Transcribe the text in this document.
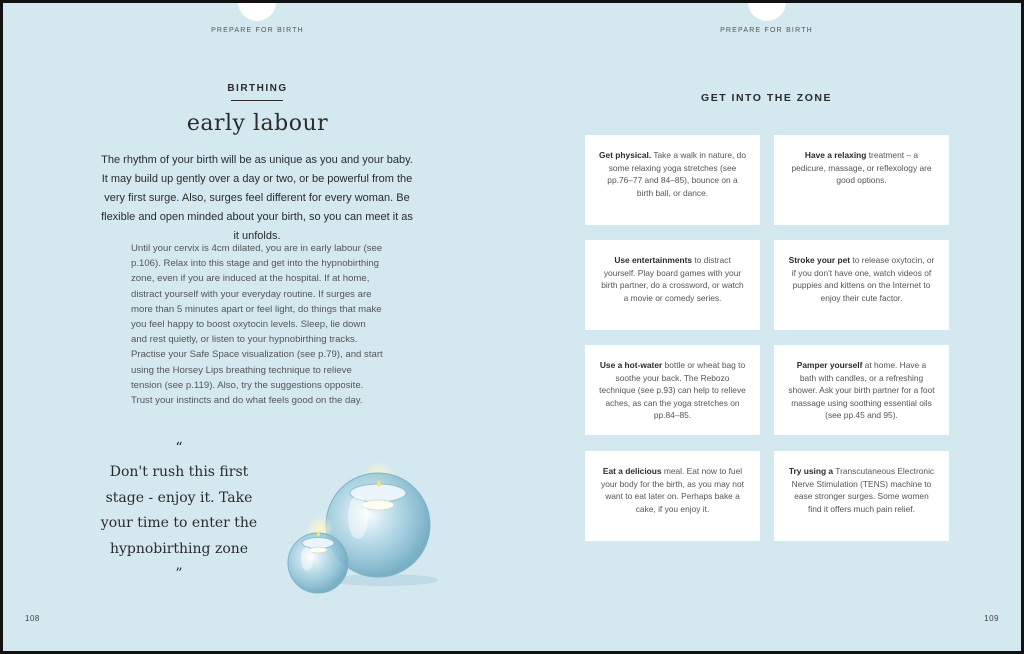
PREPARE FOR BIRTH
BIRTHING
early labour
The rhythm of your birth will be as unique as you and your baby. It may build up gently over a day or two, or be powerful from the very first surge. Also, surges feel different for every woman. Be flexible and open minded about your birth, so you can meet it as it unfolds.
Until your cervix is 4cm dilated, you are in early labour (see p.106). Relax into this stage and get into the hypnobirthing zone, even if you are induced at the hospital. If at home, distract yourself with your everyday routine. If surges are more than 5 minutes apart or feel light, do things that make you feel happy to boost oxytocin levels. Sleep, lie down and rest quietly, or listen to your hypnobirthing tracks. Practise your Safe Space visualization (see p.79), and start using the Horsey Lips breathing technique to relieve tension (see p.119). Also, try the suggestions opposite. Trust your instincts and do what feels good on the day.
“
Don't rush this first stage - enjoy it. Take your time to enter the hypnobirthing zone
”
108
PREPARE FOR BIRTH
GET INTO THE ZONE
Get physical. Take a walk in nature, do some relaxing yoga stretches (see pp.76–77 and 84–85), bounce on a birth ball, or dance.
Have a relaxing treatment – a pedicure, massage, or reflexology are good options.
Use entertainments to distract yourself. Play board games with your birth partner, do a crossword, or watch a movie or comedy series.
Stroke your pet to release oxytocin, or if you don't have one, watch videos of puppies and kittens on the Internet to enjoy their cute factor.
Use a hot-water bottle or wheat bag to soothe your back. The Rebozo technique (see p.93) can help to relieve aches, as can the yoga stretches on pp.84–85.
Pamper yourself at home. Have a bath with candles, or a refreshing shower. Ask your birth partner for a foot massage using soothing essential oils (see pp.45 and 95).
Eat a delicious meal. Eat now to fuel your body for the birth, as you may not want to eat later on. Perhaps bake a cake, if you enjoy it.
Try using a Transcutaneous Electronic Nerve Stimulation (TENS) machine to ease stronger surges. Some women find it offers much pain relief.
109
